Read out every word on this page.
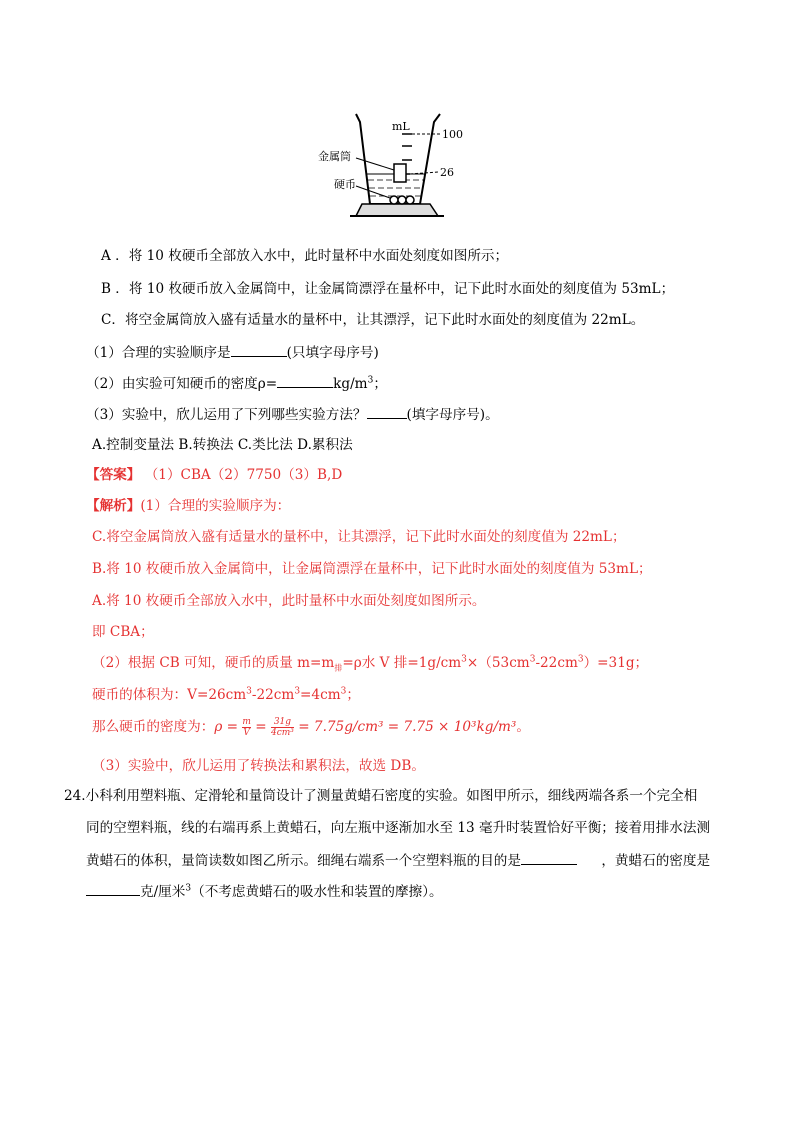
mL
100
26
金属筒
硬币
A ．将 10 枚硬币全部放入水中，此时量杯中水面处刻度如图所示；
B ．将 10 枚硬币放入金属筒中，让金属筒漂浮在量杯中，记下此时水面处的刻度值为 53mL；
C．将空金属筒放入盛有适量水的量杯中，让其漂浮，记下此时水面处的刻度值为 22mL。
（1）合理的实验顺序是	(只填字母序号)
（2）由实验可知硬币的密度ρ=	$kg/m^3$；
（3）实验中，欣儿运用了下列哪些实验方法？	(填字母序号)。
A.控制变量法 B.转换法 C.类比法 D.累积法
【答案】 （1）CBA（2）7750（3）B,D
【解析】(1）合理的实验顺序为：
C.将空金属筒放入盛有适量水的量杯中，让其漂浮，记下此时水面处的刻度值为 22mL；
B.将 10 枚硬币放入金属筒中，让金属筒漂浮在量杯中，记下此时水面处的刻度值为 53mL；
A.将 10 枚硬币全部放入水中，此时量杯中水面处刻度如图所示。
即 CBA；
（2）根据 CB 可知，硬币的质量 $m=m_排=\rho$水 V 排$=1g/cm^3\times(53cm^3-22cm^3)=31g$；
硬币的体积为：$V=26cm^3-22cm^3=4cm^3$；
那么硬币的密度为：$\rho = \frac{m}{V} = \frac{31g}{\text{4cm³}} = 7.75g/cm^3 = 7.75 \times 10^3kg/m^3$。
（3）实验中，欣儿运用了转换法和累积法，故选 DB。
24.小科利用塑料瓶、定滑轮和量筒设计了测量黄蜡石密度的实验。如图甲所示，细线两端各系一个完全相
同的空塑料瓶，线的右端再系上黄蜡石，向左瓶中逐渐加水至 13 毫升时装置恰好平衡；接着用排水法测
黄蜡石的体积，量筒读数如图乙所示。细绳右端系一个空塑料瓶的目的是	，黄蜡石的密度是
克/厘米$^3$（不考虑黄蜡石的吸水性和装置的摩擦）。
